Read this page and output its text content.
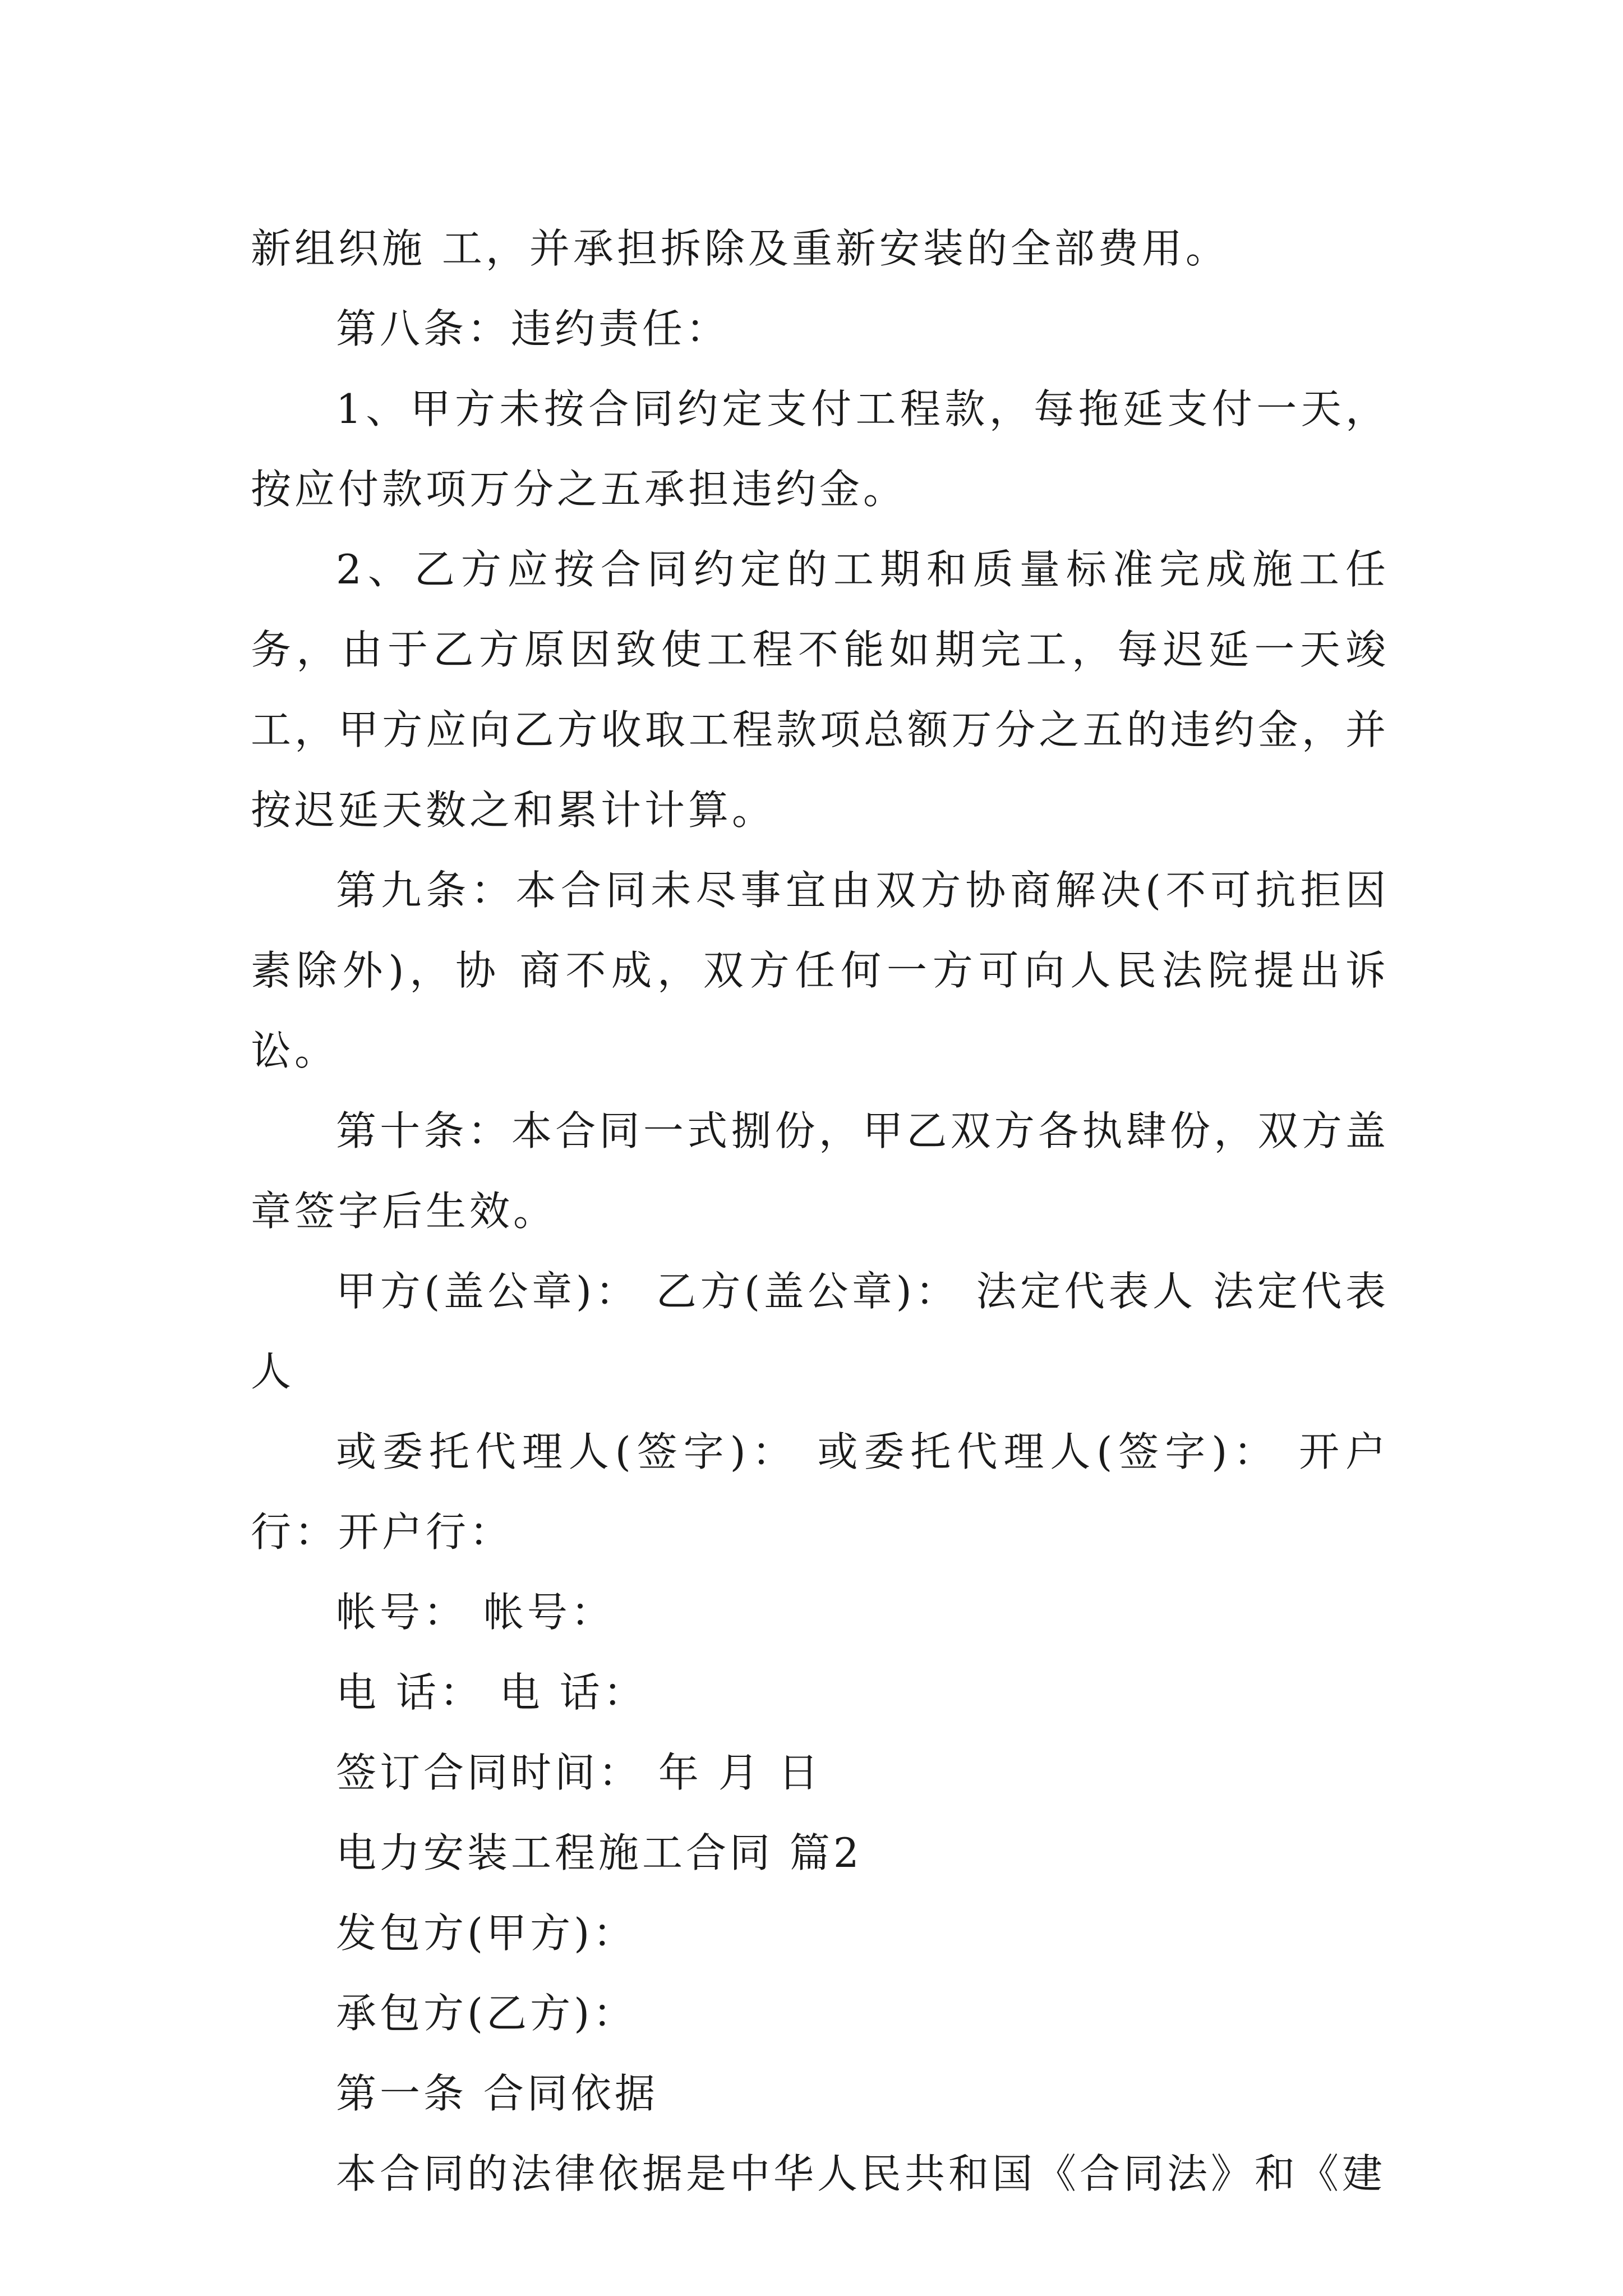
新组织施 工，并承担拆除及重新安装的全部费用。

第八条：违约责任：

1、甲方未按合同约定支付工程款，每拖延支付一天，按应付款项万分之五承担违约金。

2、乙方应按合同约定的工期和质量标准完成施工任务，由于乙方原因致使工程不能如期完工，每迟延一天竣工，甲方应向乙方收取工程款项总额万分之五的违约金，并按迟延天数之和累计计算。

第九条：本合同未尽事宜由双方协商解决(不可抗拒因素除外)，协 商不成，双方任何一方可向人民法院提出诉讼。

第十条：本合同一式捌份，甲乙双方各执肆份，双方盖章签字后生效。

甲方(盖公章)： 乙方(盖公章)： 法定代表人 法定代表人

或委托代理人(签字)： 或委托代理人(签字)： 开户行：开户行：

帐号： 帐号：

电 话： 电 话：

签订合同时间： 年 月 日

电力安装工程施工合同 篇2

发包方(甲方)：

承包方(乙方)：

第一条 合同依据

本合同的法律依据是中华人民共和国《合同法》和《建
